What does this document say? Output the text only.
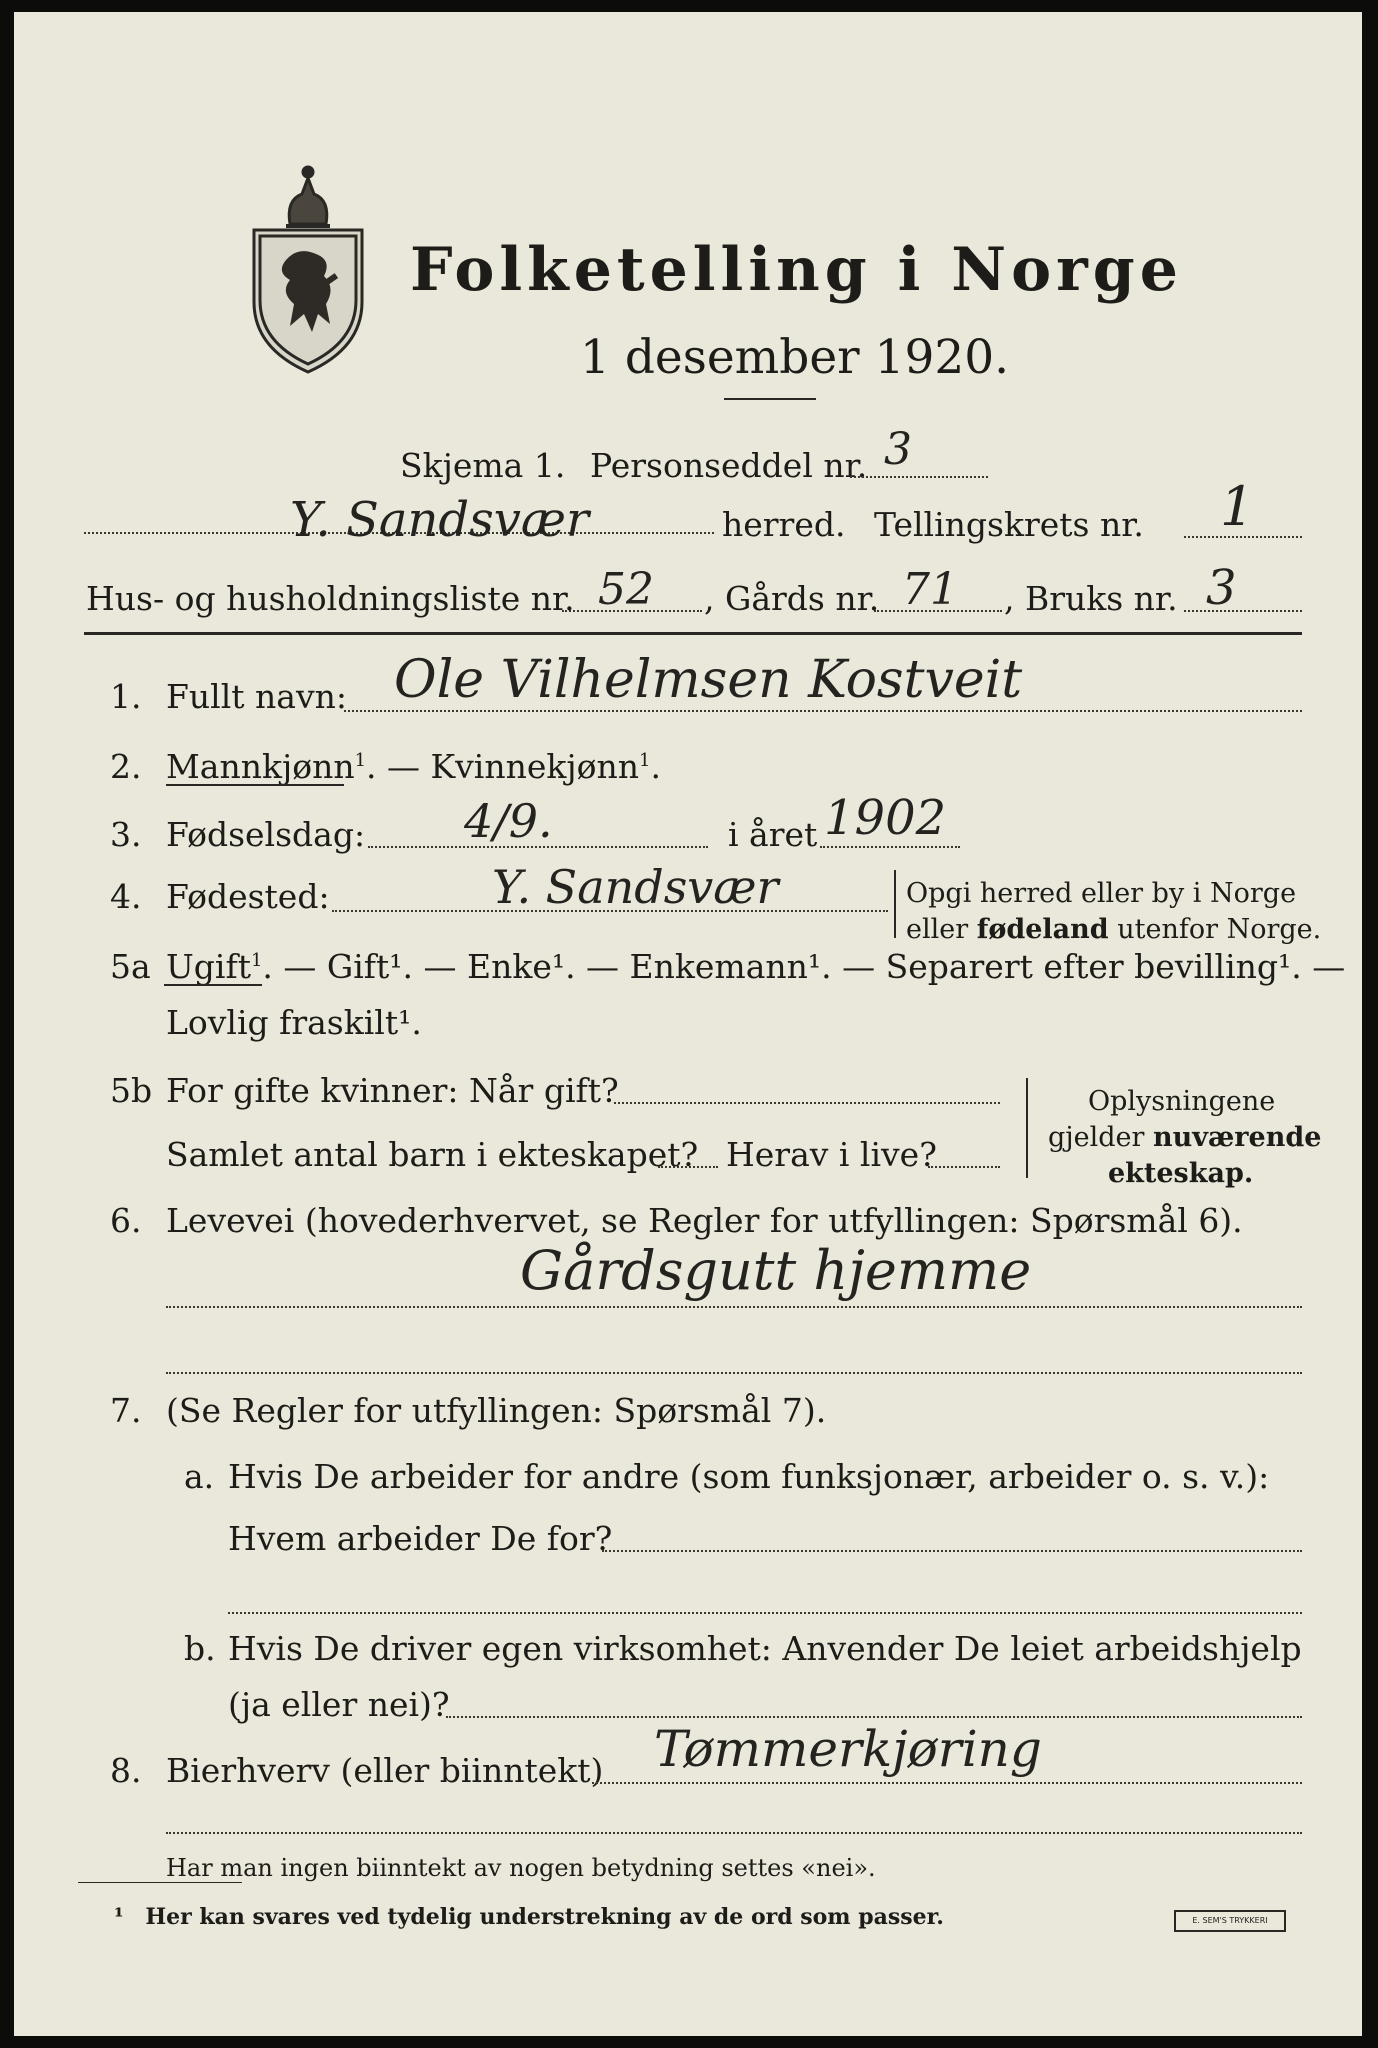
Folketelling i Norge
1 desember 1920.
Skjema 1. Personseddel nr. 3
Y. Sandsvær	herred. Tellingskrets nr. 1
Hus- og husholdningsliste nr. 52 , Gårds nr. 71 , Bruks nr. 3
1. Fullt navn: Ole Vilhelmsen Kostveit
2. Mannkjønn$^1$. — Kvinnekjønn$^1$.
3. Fødselsdag: 4/9.	i året 1902
4. Fødested:	Y. Sandsvær	Opgi herred eller by i Norge
eller fødeland utenfor Norge.
5a Ugift$^1$. — Gift¹. — Enke¹. — Enkemann¹. — Separert efter bevilling¹. —
Lovlig fraskilt¹.
5b For gifte kvinner: Når gift?
Samlet antal barn i ekteskapet? Herav i live?
Oplysningene
gjelder nuværende
ekteskap.
6. Levevei (hovederhvervet, se Regler for utfyllingen: Spørsmål 6).
Gårdsgutt hjemme
7. (Se Regler for utfyllingen: Spørsmål 7).
a. Hvis De arbeider for andre (som funksjonær, arbeider o. s. v.):
Hvem arbeider De for?
b. Hvis De driver egen virksomhet: Anvender De leiet arbeidshjelp
(ja eller nei)?
8. Bierhverv (eller biinntekt) Tømmerkjøring
Har man ingen biinntekt av nogen betydning settes «nei».
¹ Her kan svares ved tydelig understrekning av de ord som passer.	E. SEM'S TRYKKERI
